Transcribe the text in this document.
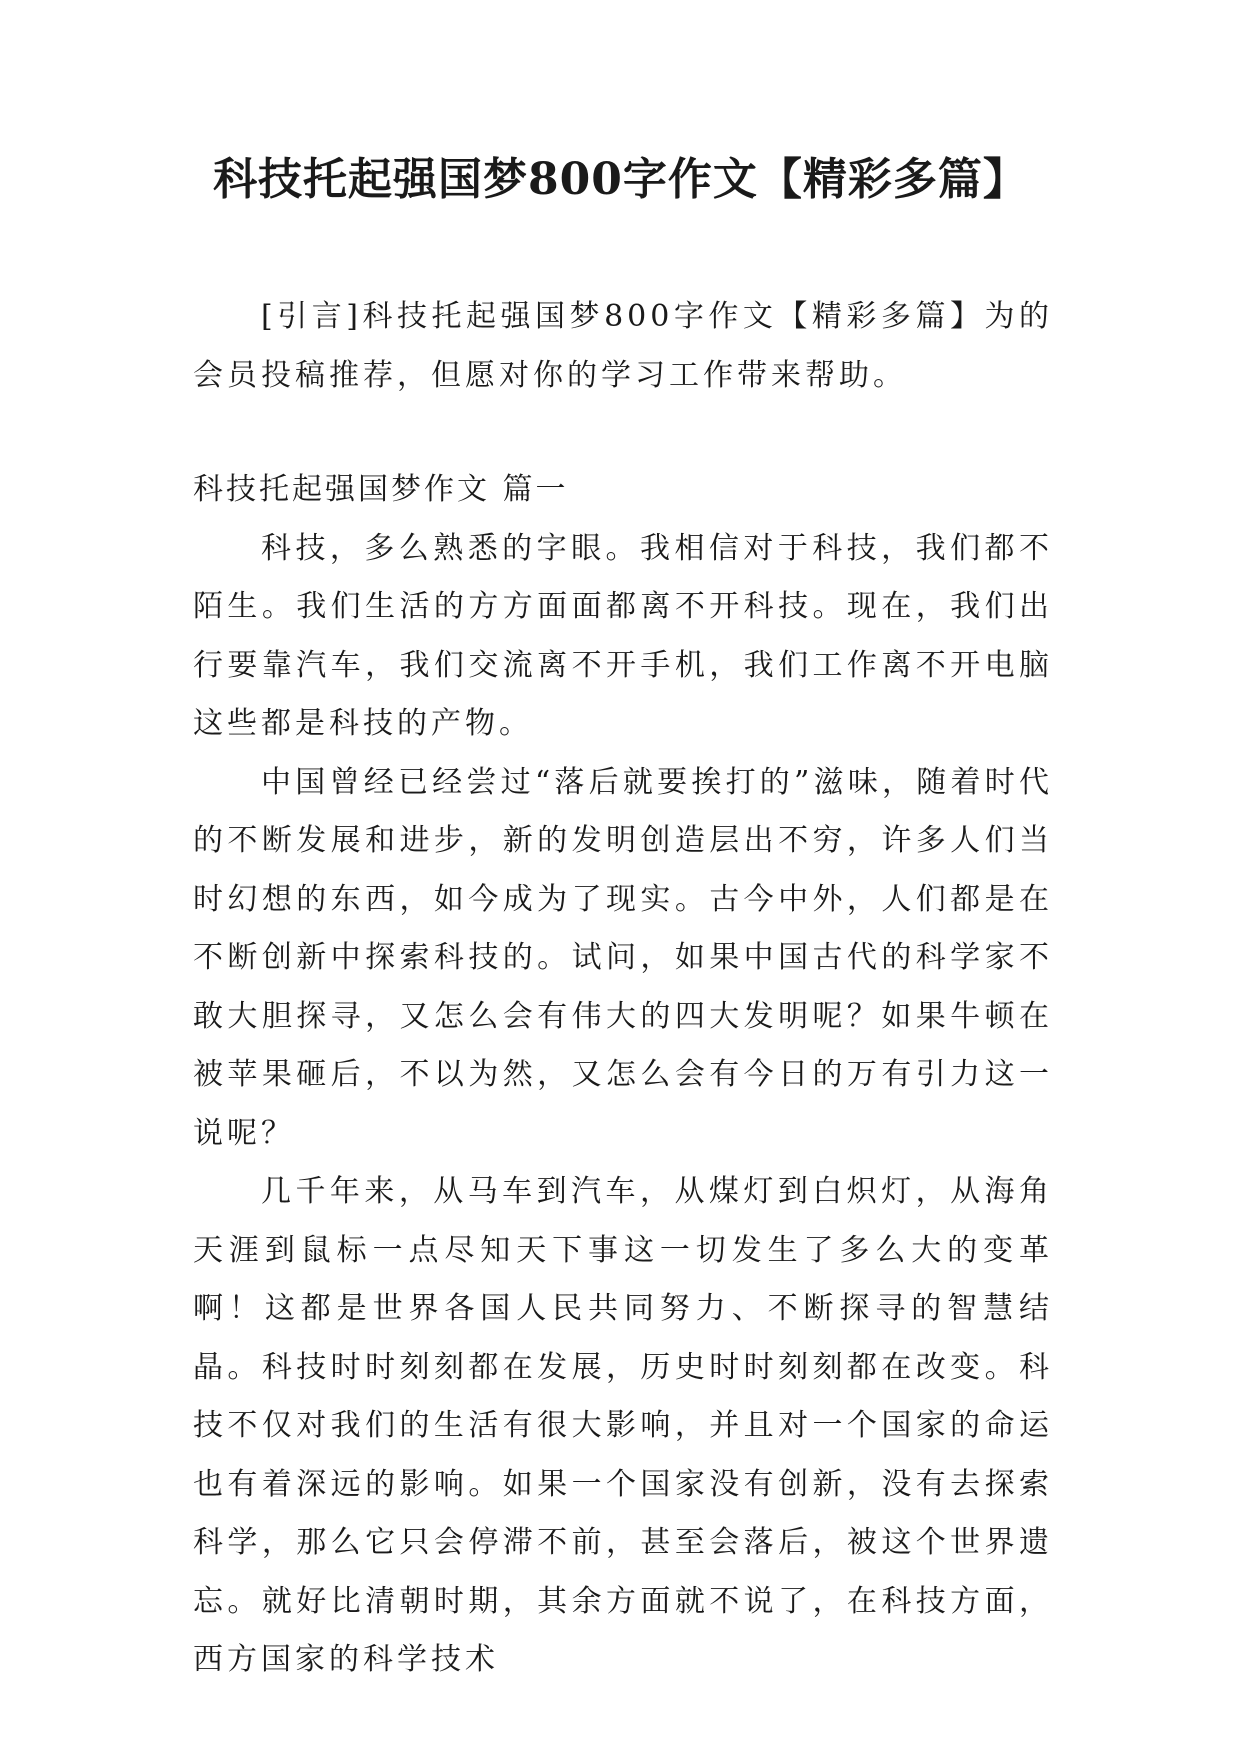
科技托起强国梦800字作文【精彩多篇】

[引言]科技托起强国梦800字作文【精彩多篇】为的会员投稿推荐，但愿对你的学习工作带来帮助。

科技托起强国梦作文 篇一

科技，多么熟悉的字眼。我相信对于科技，我们都不陌生。我们生活的方方面面都离不开科技。现在，我们出行要靠汽车，我们交流离不开手机，我们工作离不开电脑这些都是科技的产物。

中国曾经已经尝过“落后就要挨打的”滋味，随着时代的不断发展和进步，新的发明创造层出不穷，许多人们当时幻想的东西，如今成为了现实。古今中外，人们都是在不断创新中探索科技的。试问，如果中国古代的科学家不敢大胆探寻，又怎么会有伟大的四大发明呢？如果牛顿在被苹果砸后，不以为然，又怎么会有今日的万有引力这一说呢？

几千年来，从马车到汽车，从煤灯到白炽灯，从海角天涯到鼠标一点尽知天下事这一切发生了多么大的变革啊！这都是世界各国人民共同努力、不断探寻的智慧结晶。科技时时刻刻都在发展，历史时时刻刻都在改变。科技不仅对我们的生活有很大影响，并且对一个国家的命运也有着深远的影响。如果一个国家没有创新，没有去探索科学，那么它只会停滞不前，甚至会落后，被这个世界遗忘。就好比清朝时期，其余方面就不说了，在科技方面，西方国家的科学技术
